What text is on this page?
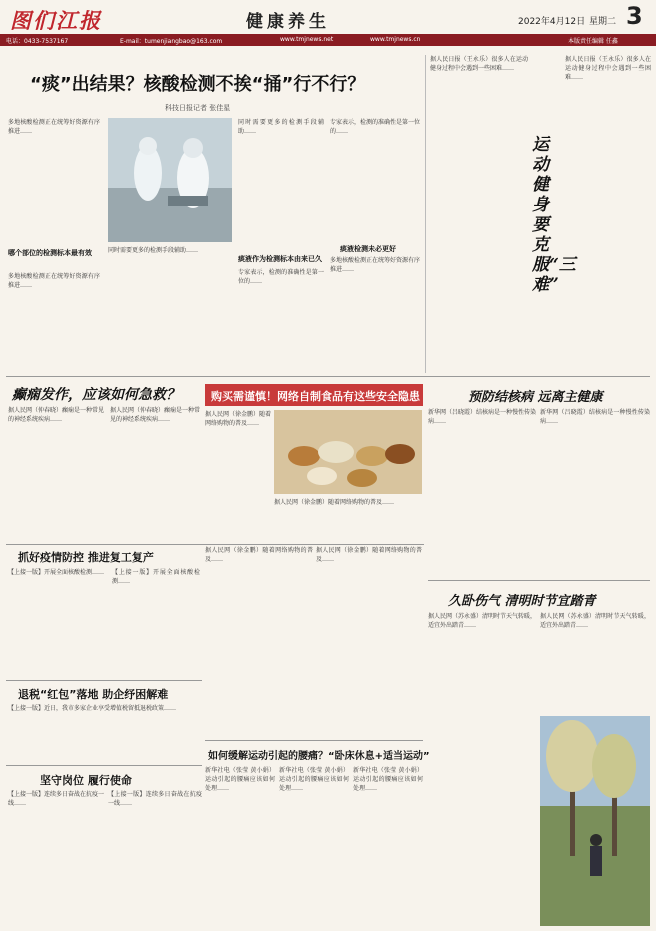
图们江报	健康养生	2022年4月12日 星期二 3
电话：0433-7537167	E-mail：tumenjiangbao@163.com	www.tmjnews.net	www.tmjnews.cn	本版责任编辑 任鑫
“痰”出结果？核酸检测不挨“捅”行不行？
科技日报记者 张佳星
多地核酸检测正在统筹好资源有序推进……
哪个部位的检测标本最有效
多地核酸检测正在统筹好资源有序推进……
同时需要更多的检测手段辅助……
同时需要更多的检测手段辅助……
痰液作为检测标本由来已久
专家表示，检测的准确性是第一位的……
专家表示，检测的准确性是第一位的……
痰液检测未必更好
多地核酸检测正在统筹好资源有序推进……
据人民日报（王永乐）很多人在运动健身过程中会遇到一些困难……
运动健身要克服“三难”
据人民日报（王永乐）很多人在运动健身过程中会遇到一些困难……
癫痫发作，应该如何急救？
据人民网（仲春晓）癫痫是一种常见的神经系统疾病……
据人民网（仲春晓）癫痫是一种常见的神经系统疾病……
购买需谨慎！网络自制食品有这些安全隐患
据人民网（徐金鹏）随着网络购物的普及……
据人民网（徐金鹏）随着网络购物的普及……
预防结核病 远离主健康
新华网（吕晓霞）结核病是一种慢性传染病……
新华网（吕晓霞）结核病是一种慢性传染病……
抓好疫情防控 推进复工复产
【上接一版】开展全面核酸检测……	【上接一版】开展全面核酸检测……
据人民网（徐金鹏）随着网络购物的普及……
据人民网（徐金鹏）随着网络购物的普及……
退税“红包”落地 助企纾困解难
【上接一版】近日，我市多家企业享受增值税留抵退税政策……
坚守岗位 履行使命
【上接一版】连续多日奋战在抗疫一线……
【上接一版】连续多日奋战在抗疫一线……
如何缓解运动引起的腰痛？“卧床休息+适当运动”
新华社电（张莹 黄小娟）运动引起的腰痛应该如何处理……
新华社电（张莹 黄小娟）运动引起的腰痛应该如何处理……
新华社电（张莹 黄小娟）运动引起的腰痛应该如何处理……
久卧伤气 清明时节宜踏青
据人民网（苏永盛）清明时节天气转暖，适宜外出踏青……
据人民网（苏永盛）清明时节天气转暖，适宜外出踏青……
